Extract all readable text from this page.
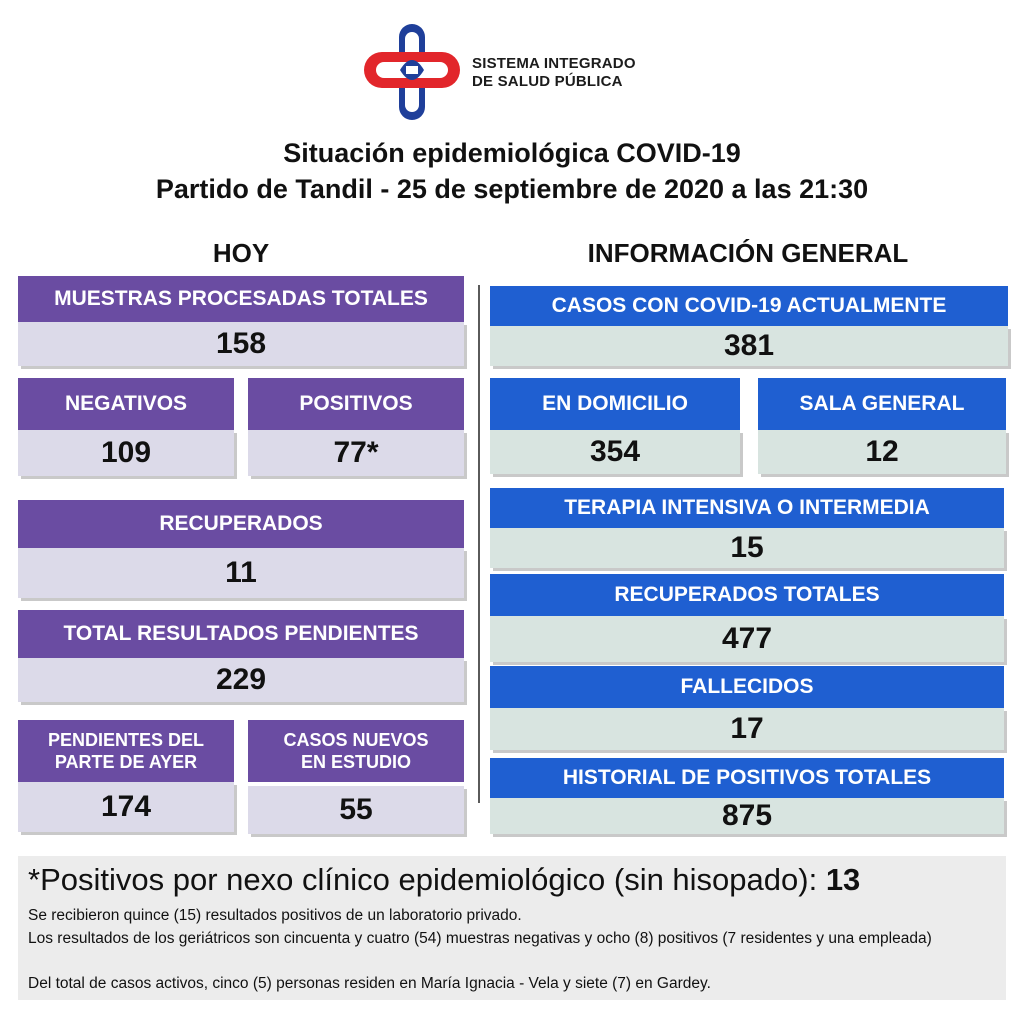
SISTEMA INTEGRADO
DE SALUD PÚBLICA
Situación epidemiológica COVID-19
Partido de Tandil - 25 de septiembre de 2020 a las 21:30
HOY	INFORMACIÓN GENERAL
MUESTRAS PROCESADAS TOTALES
158
NEGATIVOS
109
POSITIVOS
77*
RECUPERADOS
11
TOTAL RESULTADOS PENDIENTES
229
PENDIENTES DEL
PARTE DE AYER
174
CASOS NUEVOS
EN ESTUDIO
55
CASOS CON COVID-19 ACTUALMENTE
381
EN DOMICILIO
354
SALA GENERAL
12
TERAPIA INTENSIVA O INTERMEDIA
15
RECUPERADOS TOTALES
477
FALLECIDOS
17
HISTORIAL DE POSITIVOS TOTALES
875
*Positivos por nexo clínico epidemiológico (sin hisopado): 13
Se recibieron quince (15) resultados positivos de un laboratorio privado.
Los resultados de los geriátricos son cincuenta y cuatro (54) muestras negativas y ocho (8) positivos (7 residentes y una empleada)
Del total de casos activos, cinco (5) personas residen en María Ignacia - Vela y siete (7) en Gardey.
